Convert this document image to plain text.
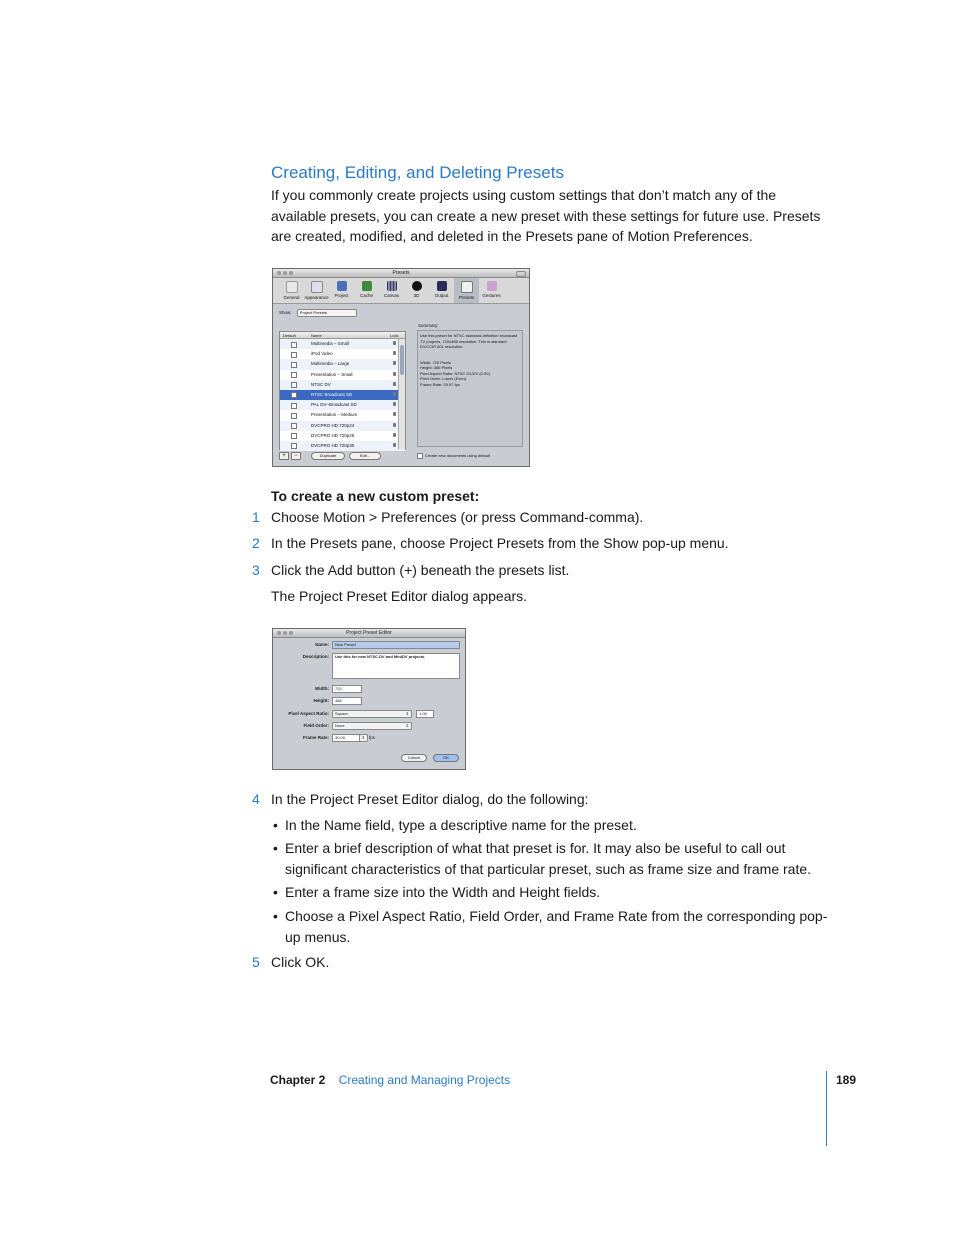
Creating, Editing, and Deleting Presets

If you commonly create projects using custom settings that don’t match any of the available presets, you can create a new preset with these settings for future use. Presets are created, modified, and deleted in the Presets pane of Motion Preferences.

Presets
General	Appearance	Project	Cache	Canvas	3D	Output	Presets	Gestures
Show: Project Presets
Default	Name	Lock
Multimedia – Small
iPod Video
Multimedia – Large
Presentation – Small
NTSC DV
NTSC Broadcast SD
PAL DV–Broadcast SD
Presentation – Medium
DVCPRO HD 720p24
DVCPRO HD 720p25
DVCPRO HD 720p30
Summary:

Use this preset for NTSC standard-definition broadcast TV projects, 720x486 resolution. This is standard D1/CCIR 601 resolution.

Width: 720 Pixels

Height: 486 Pixels

Pixel Aspect Ratio: NTSC D1/DV (0.90)

Field Order: Lower (Even)

Frame Rate: 29.97 fps

+	−	Duplicate	Edit...	Create new documents using default
To create a new custom preset:
1 Choose Motion > Preferences (or press Command-comma).
2 In the Presets pane, choose Project Presets from the Show pop-up menu.
3 Click the Add button (+) beneath the presets list.
The Project Preset Editor dialog appears.
Project Preset Editor
Name:	New Preset
Description:	Use this for new NTSC DV and MiniDV projects.
Width:	720
Height:	486
Pixel Aspect Ratio:	Square ⇕	1.00
Field Order:	None ⇕
Frame Rate:	30.00 ⇕	fps
Cancel	OK
4 In the Project Preset Editor dialog, do the following:
• In the Name field, type a descriptive name for the preset.
• Enter a brief description of what that preset is for. It may also be useful to call out significant characteristics of that particular preset, such as frame size and frame rate.
• Enter a frame size into the Width and Height fields.
• Choose a Pixel Aspect Ratio, Field Order, and Frame Rate from the corresponding pop-up menus.
5 Click OK.
Chapter 2 Creating and Managing Projects	189
